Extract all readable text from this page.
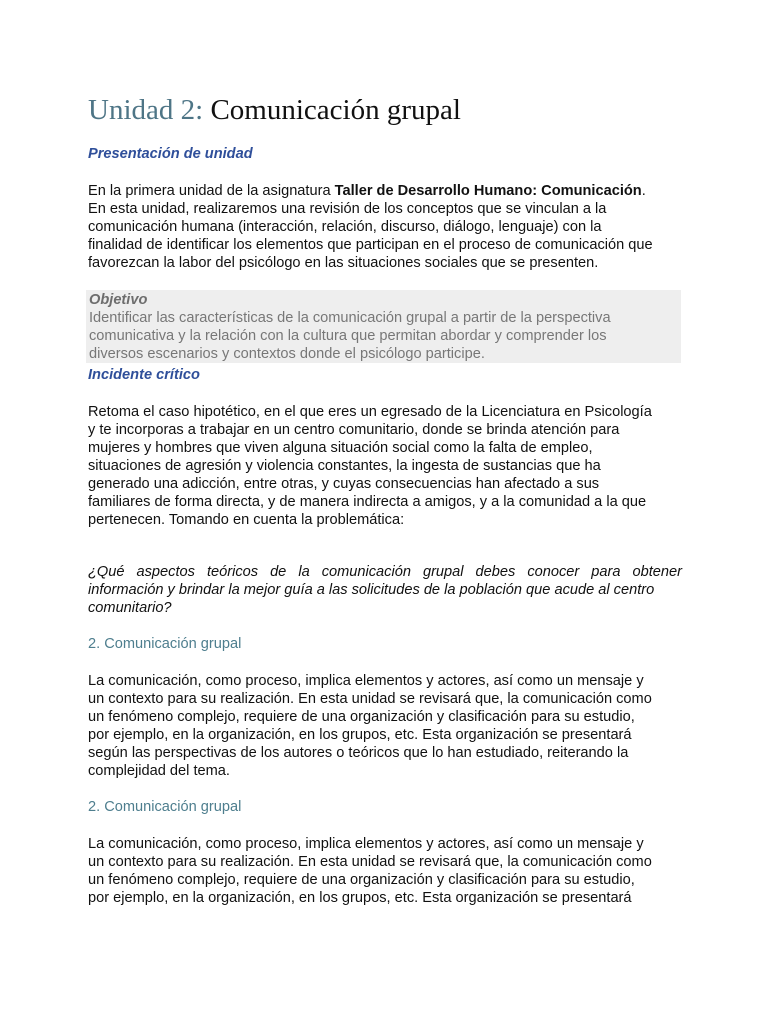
Unidad 2: Comunicación grupal
Presentación de unidad
En la primera unidad de la asignatura Taller de Desarrollo Humano: Comunicación.
En esta unidad, realizaremos una revisión de los conceptos que se vinculan a la
comunicación humana (interacción, relación, discurso, diálogo, lenguaje) con la
finalidad de identificar los elementos que participan en el proceso de comunicación que
favorezcan la labor del psicólogo en las situaciones sociales que se presenten.
Objetivo
Identificar las características de la comunicación grupal a partir de la perspectiva
comunicativa y la relación con la cultura que permitan abordar y comprender los
diversos escenarios y contextos donde el psicólogo participe.
Incidente crítico
Retoma el caso hipotético, en el que eres un egresado de la Licenciatura en Psicología
y te incorporas a trabajar en un centro comunitario, donde se brinda atención para
mujeres y hombres que viven alguna situación social como la falta de empleo,
situaciones de agresión y violencia constantes, la ingesta de sustancias que ha
generado una adicción, entre otras, y cuyas consecuencias han afectado a sus
familiares de forma directa, y de manera indirecta a amigos, y a la comunidad a la que
pertenecen. Tomando en cuenta la problemática:
¿Qué aspectos teóricos de la comunicación grupal debes conocer para obtener
información y brindar la mejor guía a las solicitudes de la población que acude al centro
comunitario?
2. Comunicación grupal
La comunicación, como proceso, implica elementos y actores, así como un mensaje y
un contexto para su realización. En esta unidad se revisará que, la comunicación como
un fenómeno complejo, requiere de una organización y clasificación para su estudio,
por ejemplo, en la organización, en los grupos, etc. Esta organización se presentará
según las perspectivas de los autores o teóricos que lo han estudiado, reiterando la
complejidad del tema.
2. Comunicación grupal
La comunicación, como proceso, implica elementos y actores, así como un mensaje y
un contexto para su realización. En esta unidad se revisará que, la comunicación como
un fenómeno complejo, requiere de una organización y clasificación para su estudio,
por ejemplo, en la organización, en los grupos, etc. Esta organización se presentará
